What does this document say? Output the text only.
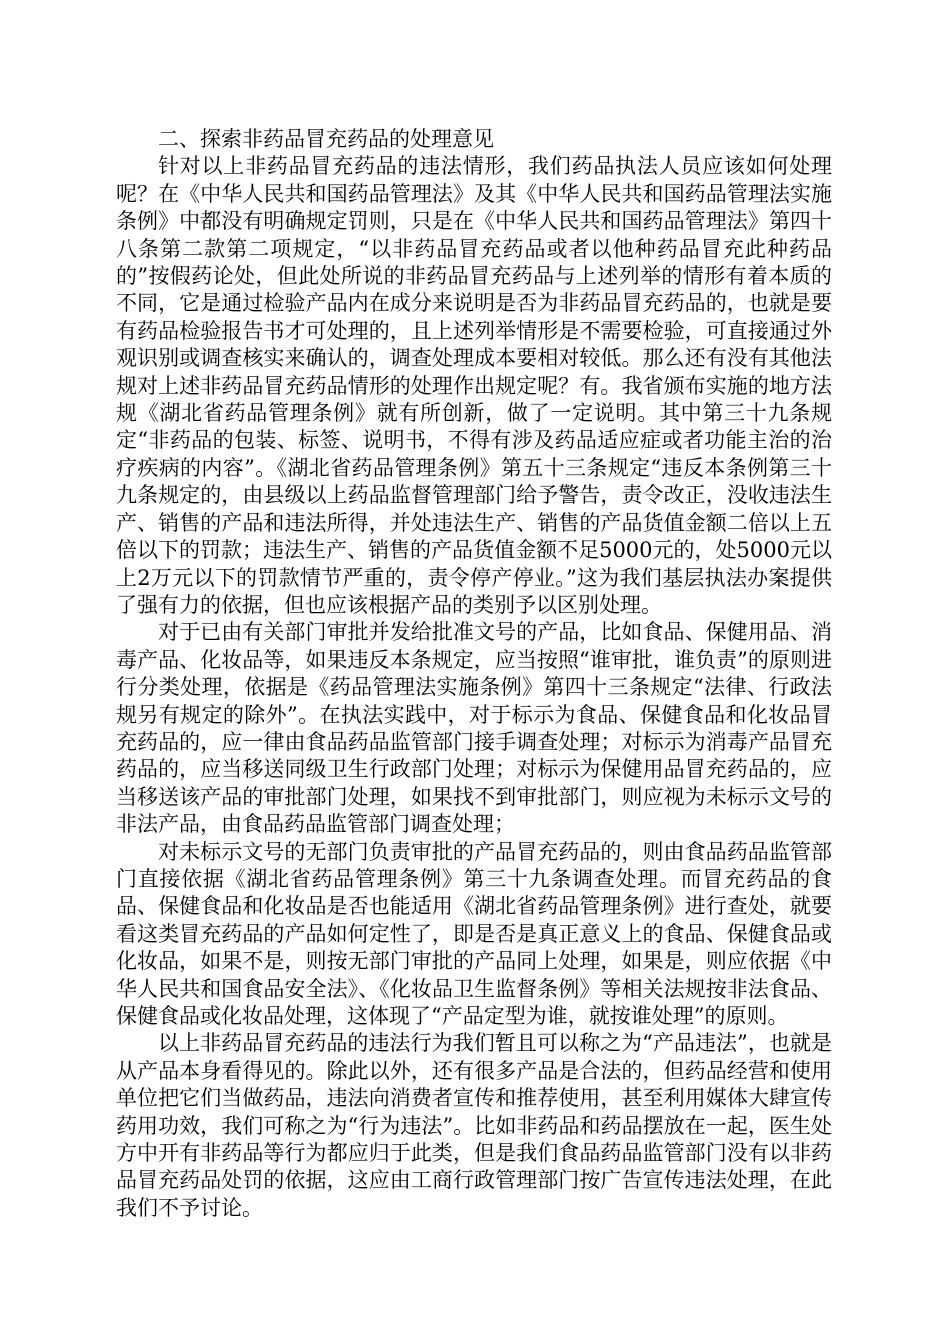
二、探索非药品冒充药品的处理意见

针对以上非药品冒充药品的违法情形，我们药品执法人员应该如何处理呢？在《中华人民共和国药品管理法》及其《中华人民共和国药品管理法实施条例》中都没有明确规定罚则，只是在《中华人民共和国药品管理法》第四十八条第二款第二项规定，“以非药品冒充药品或者以他种药品冒充此种药品的”按假药论处，但此处所说的非药品冒充药品与上述列举的情形有着本质的不同，它是通过检验产品内在成分来说明是否为非药品冒充药品的，也就是要有药品检验报告书才可处理的，且上述列举情形是不需要检验，可直接通过外观识别或调查核实来确认的，调查处理成本要相对较低。那么还有没有其他法规对上述非药品冒充药品情形的处理作出规定呢？有。我省颁布实施的地方法规《湖北省药品管理条例》就有所创新，做了一定说明。其中第三十九条规定“非药品的包装、标签、说明书，不得有涉及药品适应症或者功能主治的治疗疾病的内容”。《湖北省药品管理条例》第五十三条规定“违反本条例第三十九条规定的，由县级以上药品监督管理部门给予警告，责令改正，没收违法生产、销售的产品和违法所得，并处违法生产、销售的产品货值金额二倍以上五倍以下的罚款；违法生产、销售的产品货值金额不足5000元的，处5000元以上2万元以下的罚款情节严重的，责令停产停业。”这为我们基层执法办案提供了强有力的依据，但也应该根据产品的类别予以区别处理。

对于已由有关部门审批并发给批准文号的产品，比如食品、保健用品、消毒产品、化妆品等，如果违反本条规定，应当按照“谁审批，谁负责”的原则进行分类处理，依据是《药品管理法实施条例》第四十三条规定“法律、行政法规另有规定的除外”。在执法实践中，对于标示为食品、保健食品和化妆品冒充药品的，应一律由食品药品监管部门接手调查处理；对标示为消毒产品冒充药品的，应当移送同级卫生行政部门处理；对标示为保健用品冒充药品的，应当移送该产品的审批部门处理，如果找不到审批部门，则应视为未标示文号的非法产品，由食品药品监管部门调查处理；

对未标示文号的无部门负责审批的产品冒充药品的，则由食品药品监管部门直接依据《湖北省药品管理条例》第三十九条调查处理。而冒充药品的食品、保健食品和化妆品是否也能适用《湖北省药品管理条例》进行查处，就要看这类冒充药品的产品如何定性了，即是否是真正意义上的食品、保健食品或化妆品，如果不是，则按无部门审批的产品同上处理，如果是，则应依据《中华人民共和国食品安全法》、《化妆品卫生监督条例》等相关法规按非法食品、保健食品或化妆品处理，这体现了“产品定型为谁，就按谁处理”的原则。

以上非药品冒充药品的违法行为我们暂且可以称之为“产品违法”，也就是从产品本身看得见的。除此以外，还有很多产品是合法的，但药品经营和使用单位把它们当做药品，违法向消费者宣传和推荐使用，甚至利用媒体大肆宣传药用功效，我们可称之为“行为违法”。比如非药品和药品摆放在一起，医生处方中开有非药品等行为都应归于此类，但是我们食品药品监管部门没有以非药品冒充药品处罚的依据，这应由工商行政管理部门按广告宣传违法处理，在此我们不予讨论。
